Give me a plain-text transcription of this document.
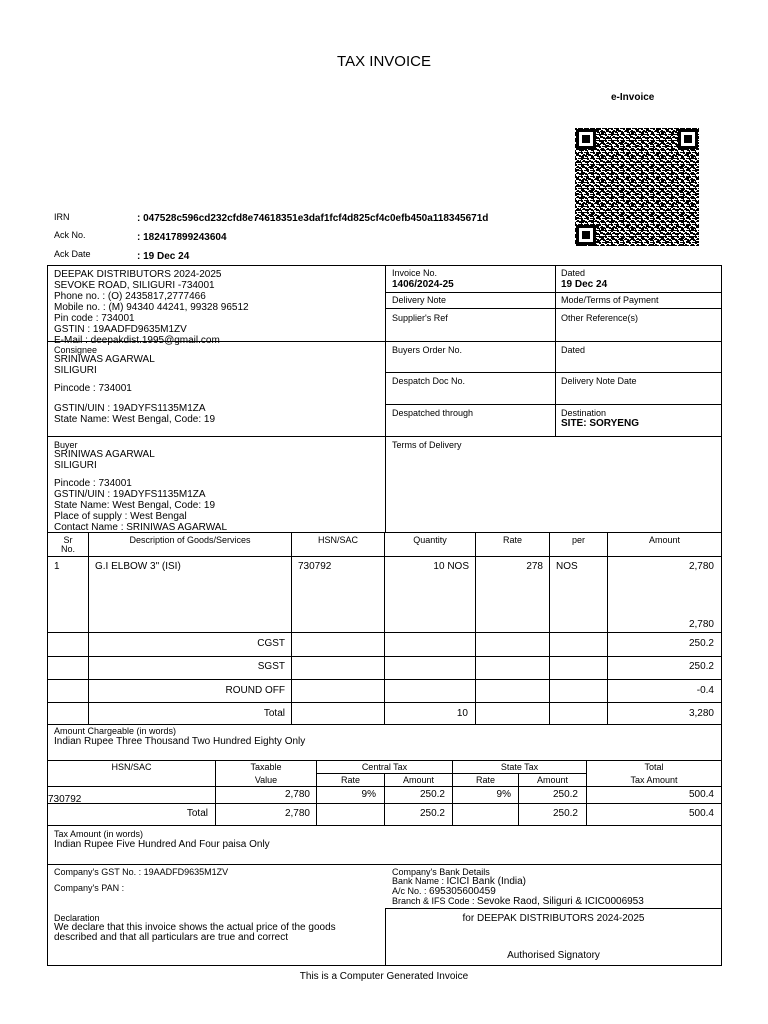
TAX INVOICE
e-Invoice
IRN	: 047528c596cd232cfd8e74618351e3daf1fcf4d825cf4c0efb450a118345671d
Ack No.	: 182417899243604
Ack Date	: 19 Dec 24
DEEPAK DISTRIBUTORS 2024-2025
SEVOKE ROAD, SILIGURI -734001
Phone no. : (O) 2435817,2777466
Mobile no. : (M) 94340 44241, 99328 96512
Pin code : 734001
GSTIN : 19AADFD9635M1ZV
E-Mail : deepakdist.1995@gmail.com
Invoice No.
1406/2024-25
Dated
19 Dec 24
Delivery Note	Mode/Terms of Payment
Supplier's Ref	Other Reference(s)
Buyers Order No.	Dated
Despatch Doc No.	Delivery Note Date
Despatched through	Destination
SITE: SORYENG
Terms of Delivery
Consignee
SRINIWAS AGARWAL
SILIGURI
Pincode : 734001
GSTIN/UIN : 19ADYFS1135M1ZA
State Name: West Bengal, Code: 19
Buyer
SRINIWAS AGARWAL
SILIGURI
Pincode : 734001
GSTIN/UIN : 19ADYFS1135M1ZA
State Name: West Bengal, Code: 19
Place of supply : West Bengal
Contact Name : SRINIWAS AGARWAL
Sr
No.
Description of Goods/Services	HSN/SAC	Quantity	Rate	per	Amount
1	G.I ELBOW 3" (ISI)	730792	10 NOS	278 NOS	2,780
2,780
CGST	250.2
SGST	250.2
ROUND OFF	-0.4
Total	10	3,280
Amount Chargeable (in words)
Indian Rupee Three Thousand Two Hundred Eighty Only
HSN/SAC	Taxable
Value
Central Tax	State Tax	Total
Tax Amount
Rate	Amount	Rate	Amount
730792	2,780	9%	250.2	9%	250.2	500.4
Total	2,780	250.2	250.2	500.4
Tax Amount (in words)
Indian Rupee Five Hundred And Four paisa Only
Company's GST No. : 19AADFD9635M1ZV
Company's PAN :
Company's Bank Details
Bank Name : ICICI Bank (India)
A/c No. : 695305600459
Branch & IFS Code : Sevoke Raod, Siliguri & ICIC0006953
Declaration
We declare that this invoice shows the actual price of the goods
described and that all particulars are true and correct
for DEEPAK DISTRIBUTORS 2024-2025
Authorised Signatory
This is a Computer Generated Invoice
